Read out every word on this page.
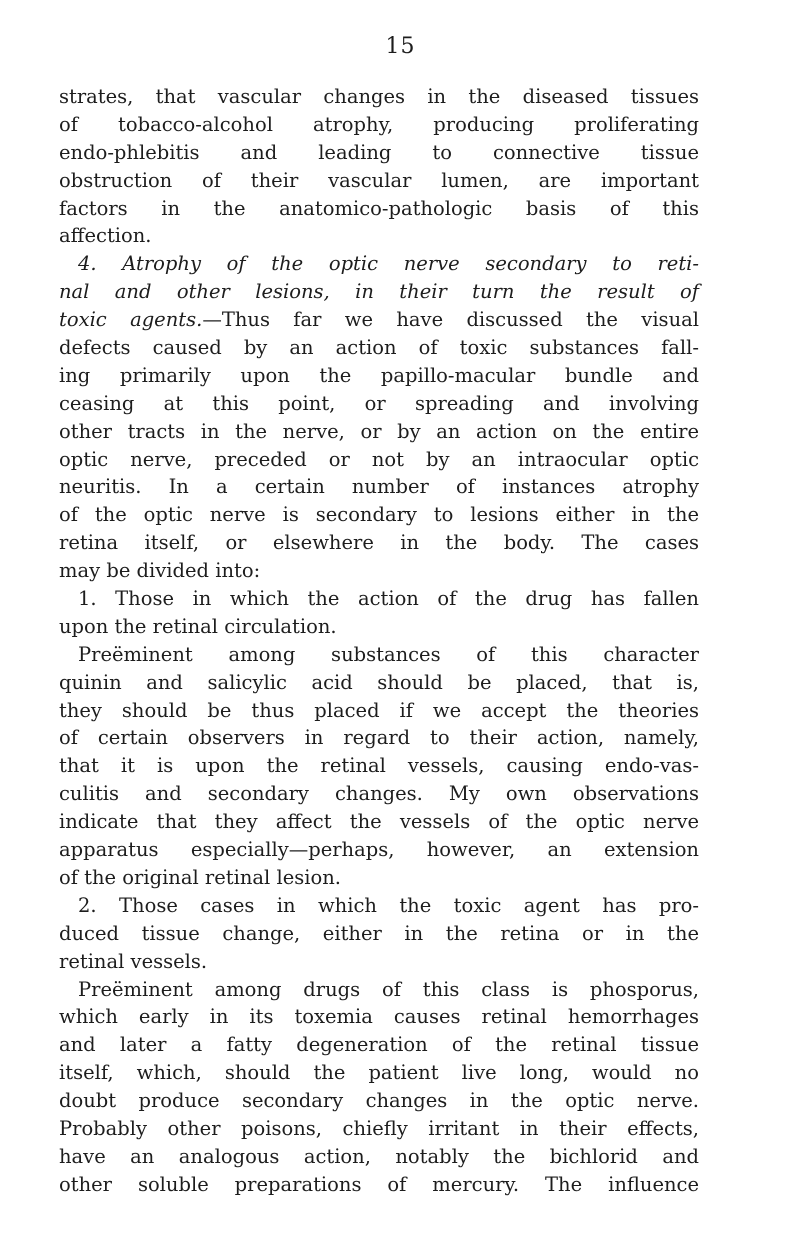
15
strates, that vascular changes in the diseased tissues
of tobacco-alcohol atrophy, producing proliferating
endo-phlebitis and leading to connective tissue
obstruction of their vascular lumen, are important
factors in the anatomico-pathologic basis of this
affection.
4. Atrophy of the optic nerve secondary to reti-
nal and other lesions, in their turn the result of
toxic agents.—Thus far we have discussed the visual
defects caused by an action of toxic substances fall-
ing primarily upon the papillo-macular bundle and
ceasing at this point, or spreading and involving
other tracts in the nerve, or by an action on the entire
optic nerve, preceded or not by an intraocular optic
neuritis. In a certain number of instances atrophy
of the optic nerve is secondary to lesions either in the
retina itself, or elsewhere in the body. The cases
may be divided into:
1. Those in which the action of the drug has fallen
upon the retinal circulation.
Preëminent among substances of this character
quinin and salicylic acid should be placed, that is,
they should be thus placed if we accept the theories
of certain observers in regard to their action, namely,
that it is upon the retinal vessels, causing endo-vas-
culitis and secondary changes. My own observations
indicate that they affect the vessels of the optic nerve
apparatus especially—perhaps, however, an extension
of the original retinal lesion.
2. Those cases in which the toxic agent has pro-
duced tissue change, either in the retina or in the
retinal vessels.
Preëminent among drugs of this class is phosporus,
which early in its toxemia causes retinal hemorrhages
and later a fatty degeneration of the retinal tissue
itself, which, should the patient live long, would no
doubt produce secondary changes in the optic nerve.
Probably other poisons, chiefly irritant in their effects,
have an analogous action, notably the bichlorid and
other soluble preparations of mercury. The influence
